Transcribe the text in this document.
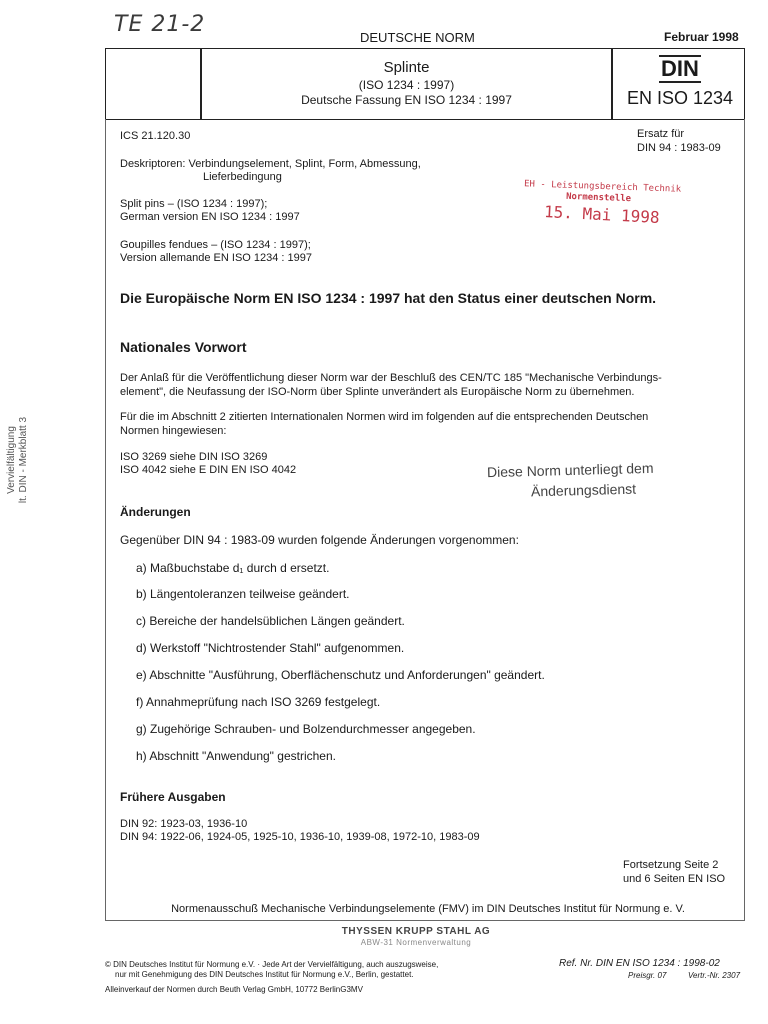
TE 21-2
DEUTSCHE NORM	Februar 1998
Splinte
(ISO 1234 : 1997)
Deutsche Fassung EN ISO 1234 : 1997
DIN
EN ISO 1234
ICS 21.120.30	Ersatz für
DIN 94 : 1983-09
Deskriptoren: Verbindungselement, Splint, Form, Abmessung,
Lieferbedingung
Split pins – (ISO 1234 : 1997);
German version EN ISO 1234 : 1997
Goupilles fendues – (ISO 1234 : 1997);
Version allemande EN ISO 1234 : 1997
EH - Leistungsbereich Technik
Normenstelle
15. Mai 1998
Die Europäische Norm EN ISO 1234 : 1997 hat den Status einer deutschen Norm.
Nationales Vorwort
Der Anlaß für die Veröffentlichung dieser Norm war der Beschluß des CEN/TC 185 "Mechanische Verbindungs-
element", die Neufassung der ISO-Norm über Splinte unverändert als Europäische Norm zu übernehmen.
Für die im Abschnitt 2 zitierten Internationalen Normen wird im folgenden auf die entsprechenden Deutschen
Normen hingewiesen:
ISO 3269 siehe DIN ISO 3269
ISO 4042 siehe E DIN EN ISO 4042	Diese Norm unterliegt dem
Änderungsdienst
Vervielfältigung lt. DIN - Merkblatt 3
Änderungen
Gegenüber DIN 94 : 1983-09 wurden folgende Änderungen vorgenommen:
a) Maßbuchstabe d₁ durch d ersetzt.
b) Längentoleranzen teilweise geändert.
c) Bereiche der handelsüblichen Längen geändert.
d) Werkstoff "Nichtrostender Stahl" aufgenommen.
e) Abschnitte "Ausführung, Oberflächenschutz und Anforderungen" geändert.
f) Annahmeprüfung nach ISO 3269 festgelegt.
g) Zugehörige Schrauben- und Bolzendurchmesser angegeben.
h) Abschnitt "Anwendung" gestrichen.
Frühere Ausgaben
DIN 92: 1923-03, 1936-10
DIN 94: 1922-06, 1924-05, 1925-10, 1936-10, 1939-08, 1972-10, 1983-09
Fortsetzung Seite 2
und 6 Seiten EN ISO
Normenausschuß Mechanische Verbindungselemente (FMV) im DIN Deutsches Institut für Normung e. V.
THYSSEN KRUPP STAHL AG
ABW-31 Normenverwaltung
© DIN Deutsches Institut für Normung e.V. · Jede Art der Vervielfältigung, auch auszugsweise,
nur mit Genehmigung des DIN Deutsches Institut für Normung e.V., Berlin, gestattet.
Alleinverkauf der Normen durch Beuth Verlag GmbH, 10772 BerlinG3MV
Ref. Nr. DIN EN ISO 1234 : 1998-02
Preisgr. 07	Vertr.-Nr. 2307
